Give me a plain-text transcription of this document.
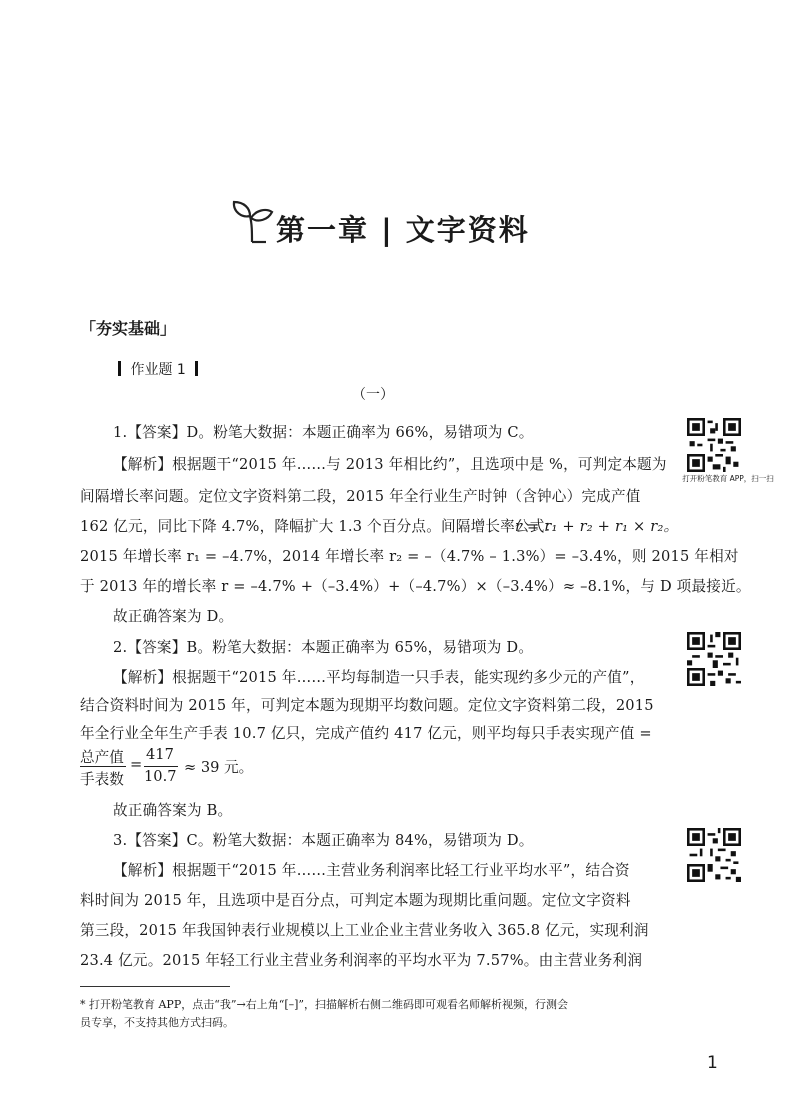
第一章 | 文字资料
「夯实基础」
作业题 1
（一）
1.【答案】D。粉笔大数据：本题正确率为 66%，易错项为 C。
【解析】根据题干“2015 年……与 2013 年相比约”，且选项中是 %，可判定本题为
间隔增长率问题。定位文字资料第二段，2015 年全行业生产时钟（含钟心）完成产值
162 亿元，同比下降 4.7%，降幅扩大 1.3 个百分点。间隔增长率公式：
r = r₁ + r₂ + r₁ × r₂。
2015 年增长率 r₁ = –4.7%，2014 年增长率 r₂ = –（4.7% – 1.3%）= –3.4%，则 2015 年相对
于 2013 年的增长率 r = –4.7% +（–3.4%）+（–4.7%）×（–3.4%）≈ –8.1%，与 D 项最接近。
故正确答案为 D。
2.【答案】B。粉笔大数据：本题正确率为 65%，易错项为 D。
【解析】根据题干“2015 年……平均每制造一只手表，能实现约多少元的产值”，
结合资料时间为 2015 年，可判定本题为现期平均数问题。定位文字资料第二段，2015
年全行业全年生产手表 10.7 亿只，完成产值约 417 亿元，则平均每只手表实现产值 =
总产值
手表数
=
417
10.7
≈ 39 元。
故正确答案为 B。
3.【答案】C。粉笔大数据：本题正确率为 84%，易错项为 D。
【解析】根据题干“2015 年……主营业务利润率比轻工行业平均水平”，结合资
料时间为 2015 年，且选项中是百分点，可判定本题为现期比重问题。定位文字资料
第三段，2015 年我国钟表行业规模以上工业企业主营业务收入 365.8 亿元，实现利润
23.4 亿元。2015 年轻工行业主营业务利润率的平均水平为 7.57%。由主营业务利润
打开粉笔教育 APP，扫一扫
* 打开粉笔教育 APP，点击“我”→右上角“[–]”，扫描解析右侧二维码即可观看名师解析视频，行测会
员专享，不支持其他方式扫码。
1
